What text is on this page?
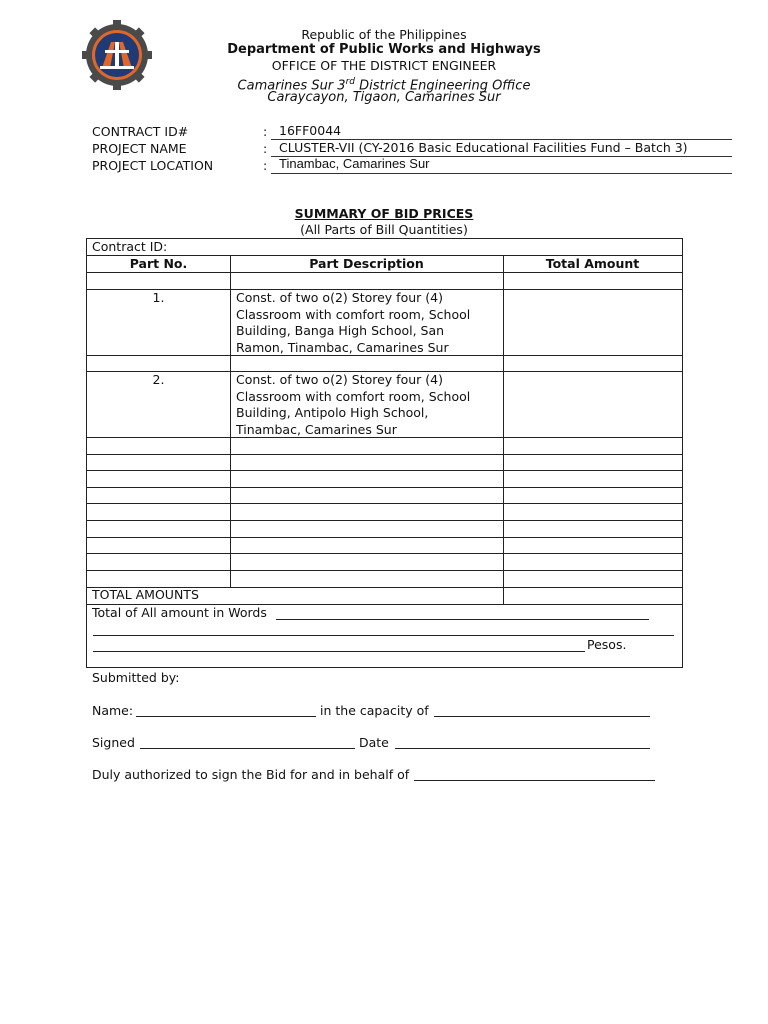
Republic of the Philippines
Department of Public Works and Highways
OFFICE OF THE DISTRICT ENGINEER
Camarines Sur 3rd District Engineering Office
Caraycayon, Tigaon, Camarines Sur
CONTRACT ID#	: 16FF0044
PROJECT NAME	: CLUSTER-VII (CY-2016 Basic Educational Facilities Fund – Batch 3)
PROJECT LOCATION	: Tinambac, Camarines Sur
SUMMARY OF BID PRICES
(All Parts of Bill Quantities)
Contract ID:
Part No.	Part Description	Total Amount
1.	Const. of two o(2) Storey four (4)
Classroom with comfort room, School
Building, Banga High School, San
Ramon, Tinambac, Camarines Sur
2.	Const. of two o(2) Storey four (4)
Classroom with comfort room, School
Building, Antipolo High School,
Tinambac, Camarines Sur
TOTAL AMOUNTS
Total of All amount in Words
Pesos.
Submitted by:
Name:	in the capacity of
Signed	Date
Duly authorized to sign the Bid for and in behalf of
